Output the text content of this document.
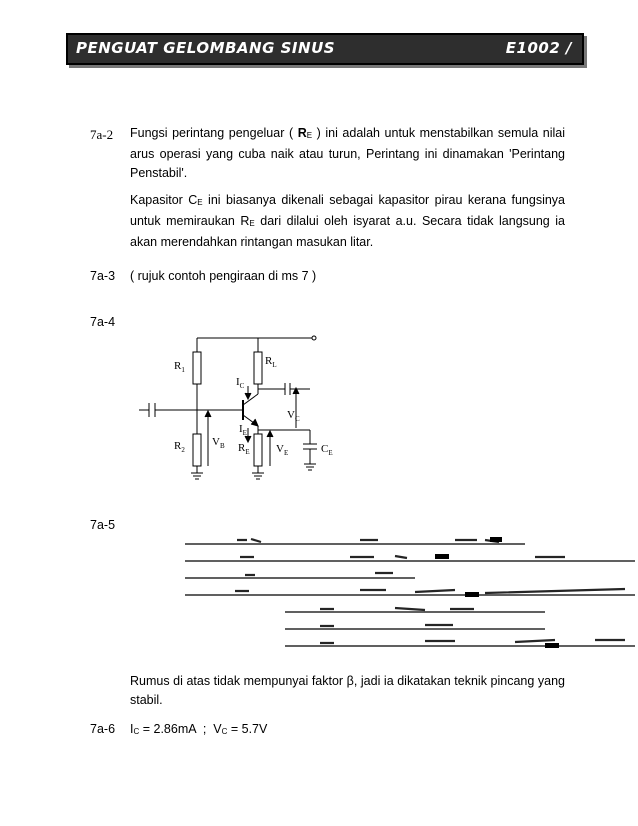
PENGUAT GELOMBANG SINUS	E1002 /
7a-2 Fungsi perintang pengeluar ( $R_E$ ) ini adalah untuk menstabilkan semula nilai arus operasi yang cuba naik atau turun, Perintang ini dinamakan 'Perintang Penstabil'.
Kapasitor $C_E$ ini biasanya dikenali sebagai kapasitor pirau kerana fungsinya untuk memiraukan $R_E$ dari dilalui oleh isyarat a.u. Secara tidak langsung ia akan merendahkan rintangan masukan litar.
7a-3 ( rujuk contoh pengiraan di ms 7 )
7a-4
$R_1$
$R_2$
$R_L$
$R_E$
$I_C$
$I_E$
$V_B$	$V_E$
$V_C$
$C_E$
7a-5
Rumus di atas tidak mempunyai faktor β, jadi ia dikatakan teknik pincang yang stabil.
7a-6 $I_C = 2.86mA$  ;  $V_C = 5.7V$
